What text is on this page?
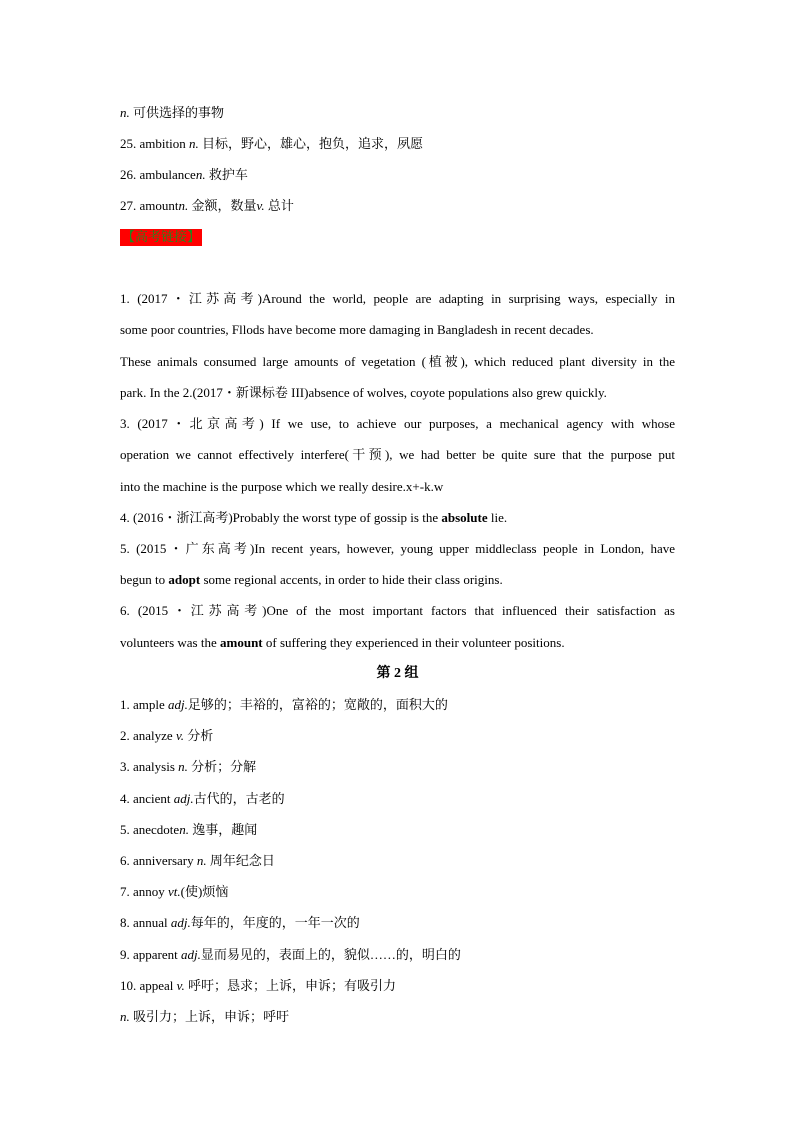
n. 可供选择的事物
25. ambition n. 目标，野心，雄心，抱负，追求，夙愿
26. ambulancen. 救护车
27. amountn. 金额，数量v. 总计
【高考链接】
1. (2017・江苏高考)Around the world, people are adapting in surprising ways, especially in
some poor countries, Fllods have become more damaging in Bangladesh in recent decades.
These animals consumed large amounts of vegetation (植被), which reduced plant diversity in the
park. In the 2.(2017・新课标卷 III)absence of wolves, coyote populations also grew quickly.
3. (2017・北京高考) If we use, to achieve our purposes, a mechanical agency with whose
operation we cannot effectively interfere(干预), we had better be quite sure that the purpose put
into the machine is the purpose which we really desire.x+-k.w
4. (2016・浙江高考)Probably the worst type of gossip is the absolute lie.
5. (2015・广东高考)In recent years, however, young upper middleclass people in London, have
begun to adopt some regional accents, in order to hide their class origins.
6. (2015・江苏高考)One of the most important factors that influenced their satisfaction as
volunteers was the amount of suffering they experienced in their volunteer positions.
第 2 组
1. ample adj.足够的；丰裕的，富裕的；宽敞的，面积大的
2. analyze v. 分析
3. analysis n. 分析；分解
4. ancient adj.古代的，古老的
5. anecdoten. 逸事，趣闻
6. anniversary n. 周年纪念日
7. annoy vt.(使)烦恼
8. annual adj.每年的，年度的，一年一次的
9. apparent adj.显而易见的，表面上的，貌似……的，明白的
10. appeal v. 呼吁；恳求；上诉，申诉；有吸引力
n. 吸引力；上诉，申诉；呼吁
